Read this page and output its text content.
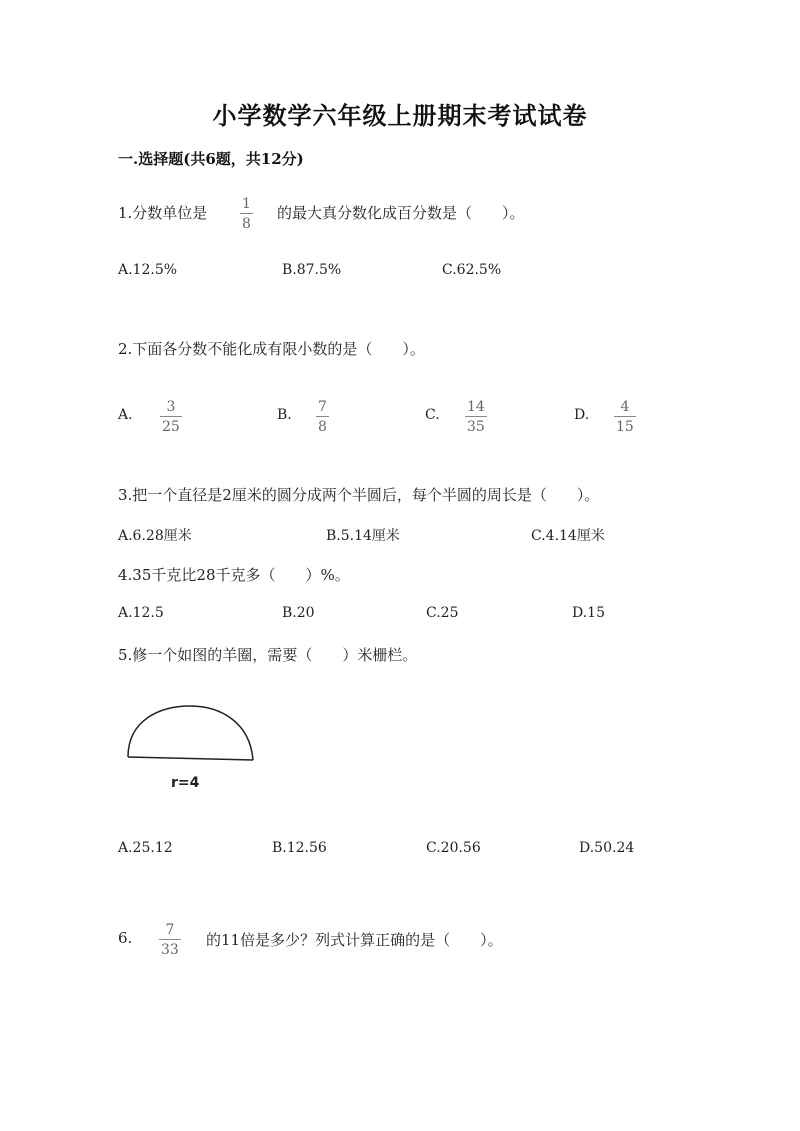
小学数学六年级上册期末考试试卷
一.选择题(共6题，共12分)
1.分数单位是 1
8
的最大真分数化成百分数是（　　）。
A.12.5%	B.87.5%	C.62.5%
2.下面各分数不能化成有限小数的是（　　）。
A. 3
25
B. 7
8
C. 14
35
D. 4
15
3.把一个直径是2厘米的圆分成两个半圆后，每个半圆的周长是（　　）。
A.6.28厘米	B.5.14厘米	C.4.14厘米
4.35千克比28千克多（　　）%。
A.12.5	B.20	C.25	D.15
5.修一个如图的羊圈，需要（　　）米栅栏。
r=4
A.25.12	B.12.56	C.20.56	D.50.24
6. 7
33
的11倍是多少？列式计算正确的是（　　）。
